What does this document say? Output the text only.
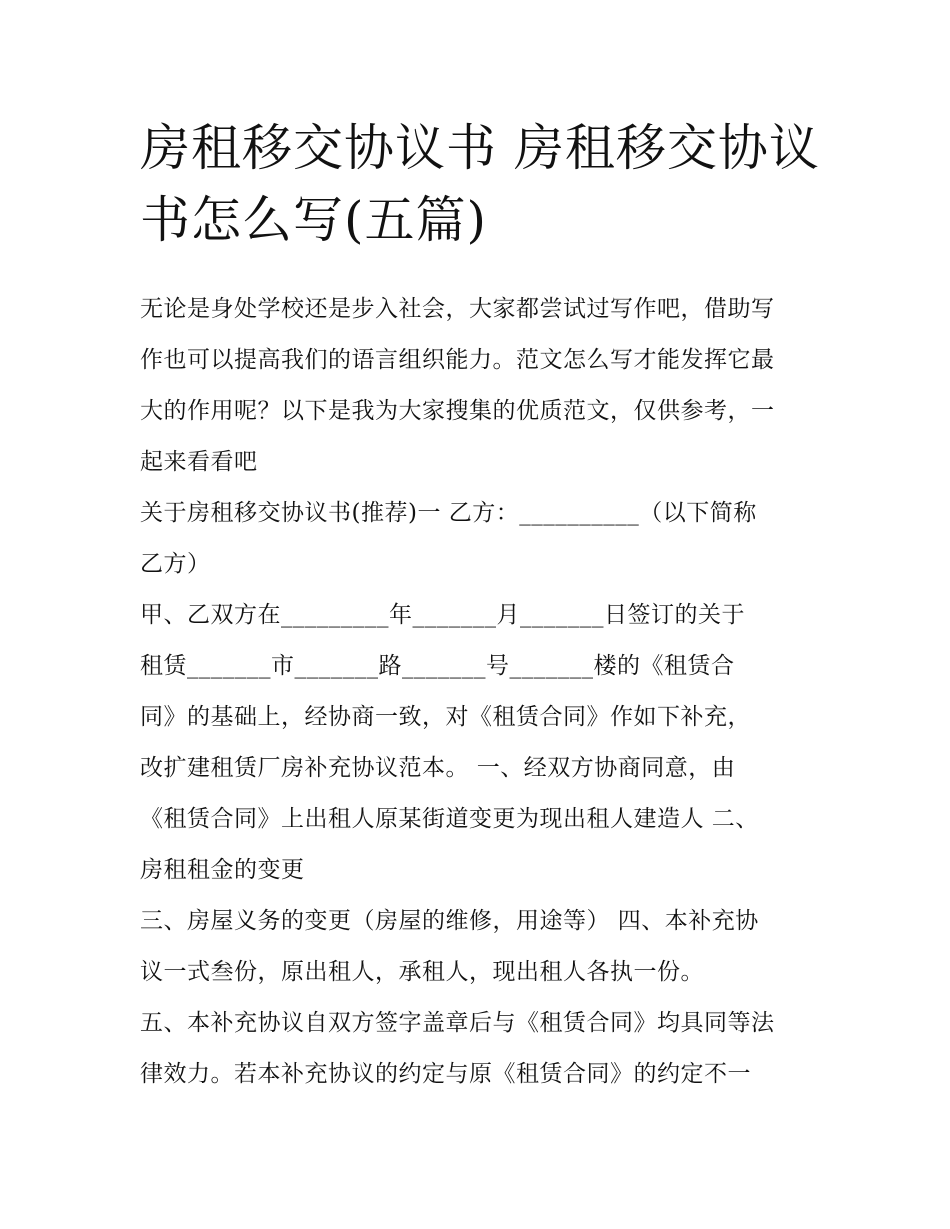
房租移交协议书 房租移交协议
书怎么写(五篇)

无论是身处学校还是步入社会，大家都尝试过写作吧，借助写
作也可以提高我们的语言组织能力。范文怎么写才能发挥它最
大的作用呢？以下是我为大家搜集的优质范文，仅供参考，一
起来看看吧

关于房租移交协议书(推荐)一 乙方：__________（以下简称
乙方）

甲、乙双方在_________年_______月_______日签订的关于
租赁_______市_______路_______号_______楼的《租赁合
同》的基础上，经协商一致，对《租赁合同》作如下补充，
改扩建租赁厂房补充协议范本。 一、经双方协商同意，由
《租赁合同》上出租人原某街道变更为现出租人建造人 二、
房租租金的变更

三、房屋义务的变更（房屋的维修，用途等） 四、本补充协
议一式叁份，原出租人，承租人，现出租人各执一份。

五、本补充协议自双方签字盖章后与《租赁合同》均具同等法
律效力。若本补充协议的约定与原《租赁合同》的约定不一
